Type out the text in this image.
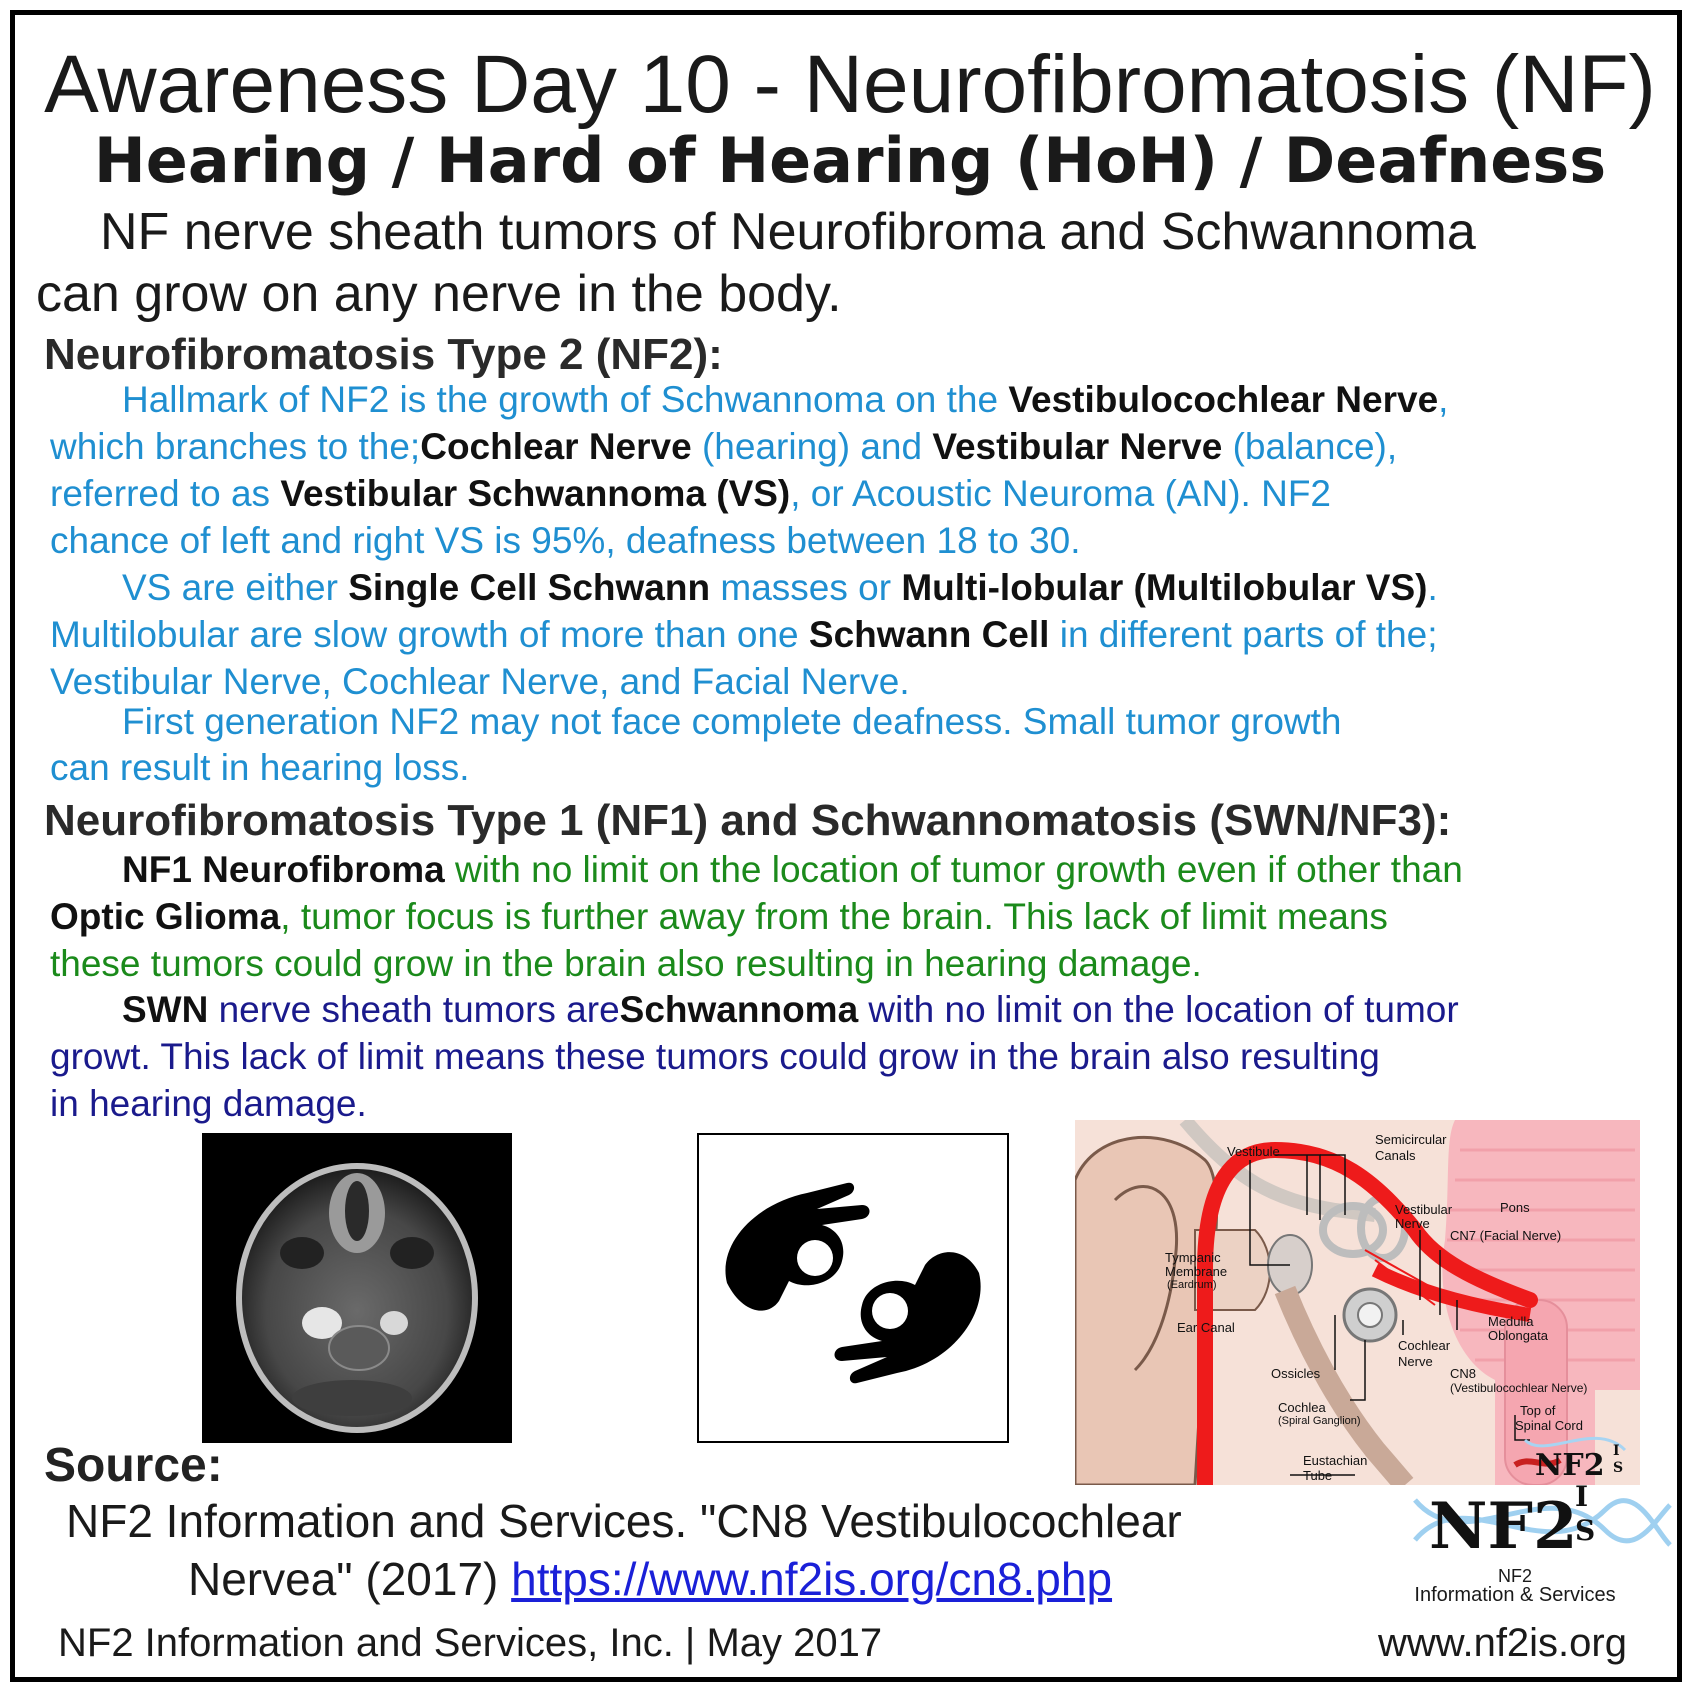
Awareness Day 10 - Neurofibromatosis (NF)
Hearing / Hard of Hearing (HoH) / Deafness
NF nerve sheath tumors of Neurofibroma and Schwannoma
can grow on any nerve in the body.
Neurofibromatosis Type 2 (NF2):
Hallmark of NF2 is the growth of Schwannoma on the Vestibulocochlear Nerve,
which branches to the;Cochlear Nerve (hearing) and Vestibular Nerve (balance),
referred to as Vestibular Schwannoma (VS), or Acoustic Neuroma (AN). NF2
chance of left and right VS is 95%, deafness between 18 to 30.
VS are either Single Cell Schwann masses or Multi-lobular (Multilobular VS).
Multilobular are slow growth of more than one Schwann Cell in different parts of the;
Vestibular Nerve, Cochlear Nerve, and Facial Nerve.
First generation NF2 may not face complete deafness. Small tumor growth
can result in hearing loss.
Neurofibromatosis Type 1 (NF1) and Schwannomatosis (SWN/NF3):
NF1 Neurofibroma with no limit on the location of tumor growth even if other than
Optic Glioma, tumor focus is further away from the brain. This lack of limit means
these tumors could grow in the brain also resulting in hearing damage.
SWN nerve sheath tumors areSchwannoma with no limit on the location of tumor
growt. This lack of limit means these tumors could grow in the brain also resulting
in hearing damage.
Vestibule
Semicircular
Canals
Vestibular
Nerve
Pons
CN7 (Facial Nerve)
Tympanic
Membrane
(Eardrum)
Ear Canal	Medulla
Oblongata
Cochlear
Nerve
Ossicles	CN8
(Vestibulocochlear Nerve)
Cochlea
(Spiral Ganglion)
Top of
Spinal Cord
Eustachian
Tube	NF2 I
S
Source:
NF2 Information and Services. "CN8 Vestibulocochlear
Nervea" (2017) https://www.nf2is.org/cn8.php
NF2
I
S
NF2
Information & Services
NF2 Information and Services, Inc. | May 2017	www.nf2is.org
